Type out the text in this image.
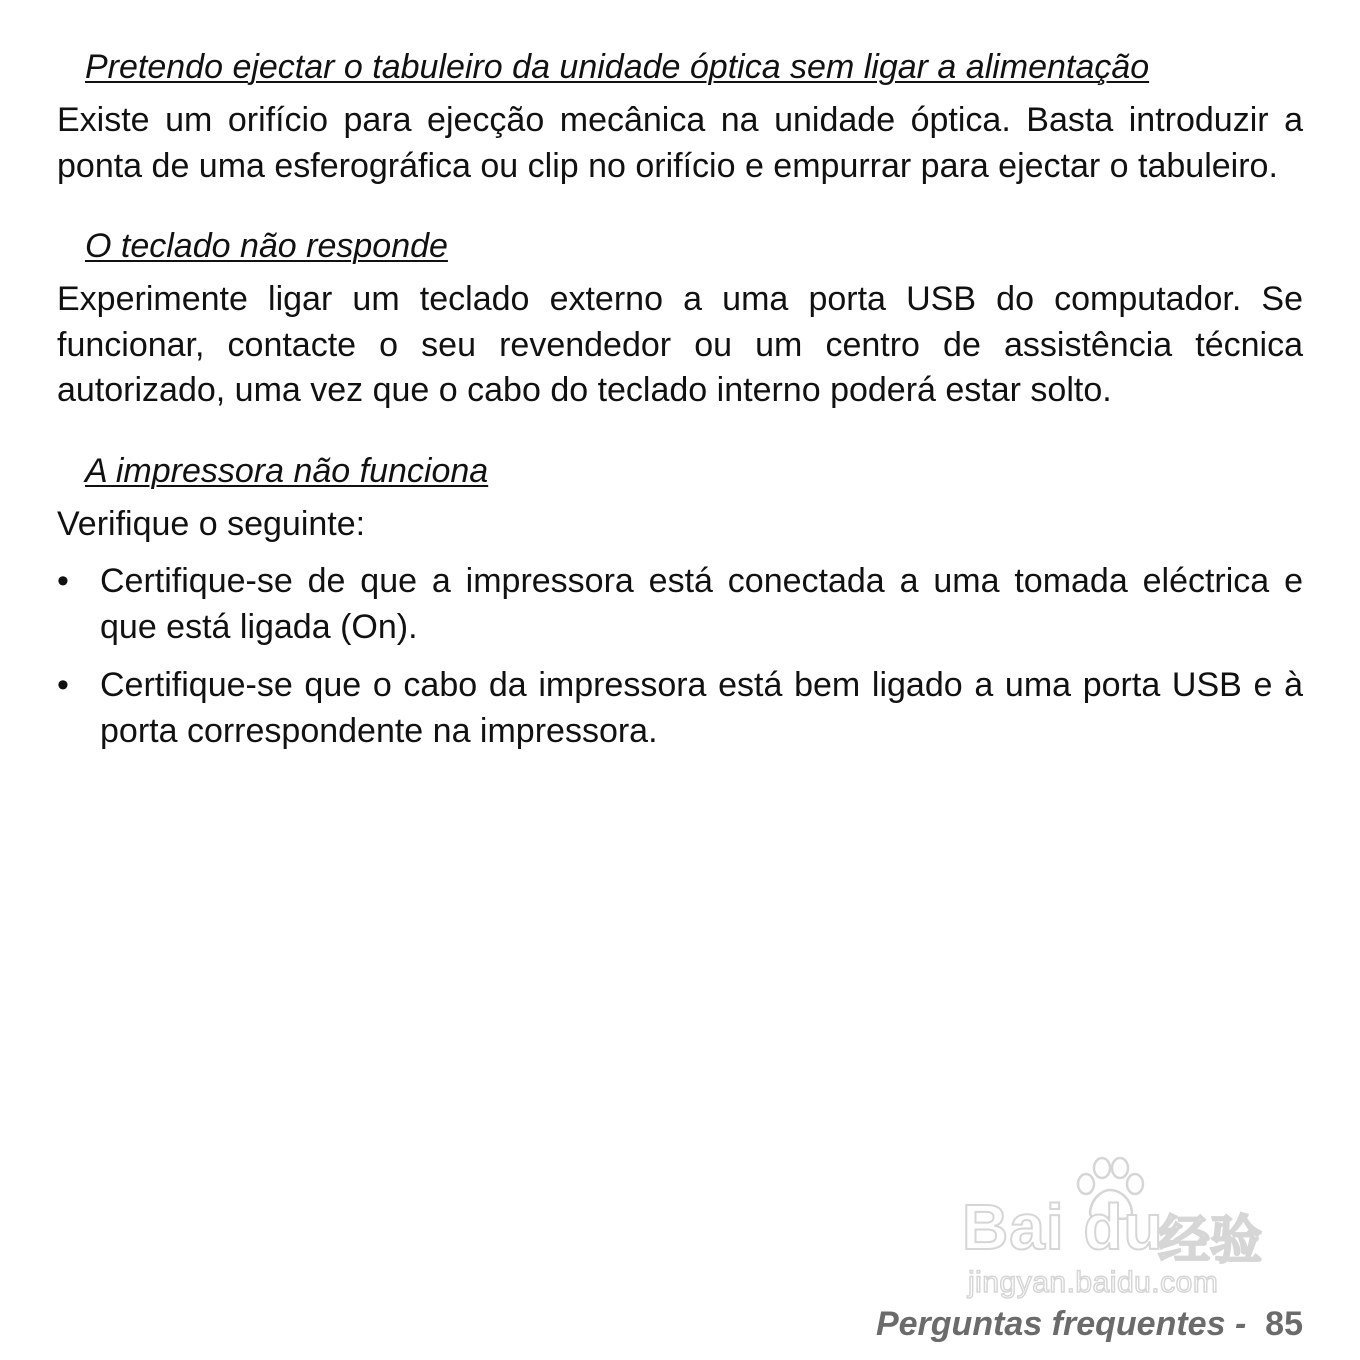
Pretendo ejectar o tabuleiro da unidade óptica sem ligar a alimentação

Existe um orifício para ejecção mecânica na unidade óptica. Basta introduzir a ponta de uma esferográfica ou clip no orifício e empurrar para ejectar o tabuleiro.

O teclado não responde

Experimente ligar um teclado externo a uma porta USB do computador. Se funcionar, contacte o seu revendedor ou um centro de assistência técnica autorizado, uma vez que o cabo do teclado interno poderá estar solto.

A impressora não funciona

Verifique o seguinte:

• Certifique-se de que a impressora está conectada a uma tomada eléctrica e que está ligada (On).
• Certifique-se que o cabo da impressora está bem ligado a uma porta USB e à porta correspondente na impressora.
Bai du
经验
jingyan.baidu.com
Perguntas frequentes -  85
